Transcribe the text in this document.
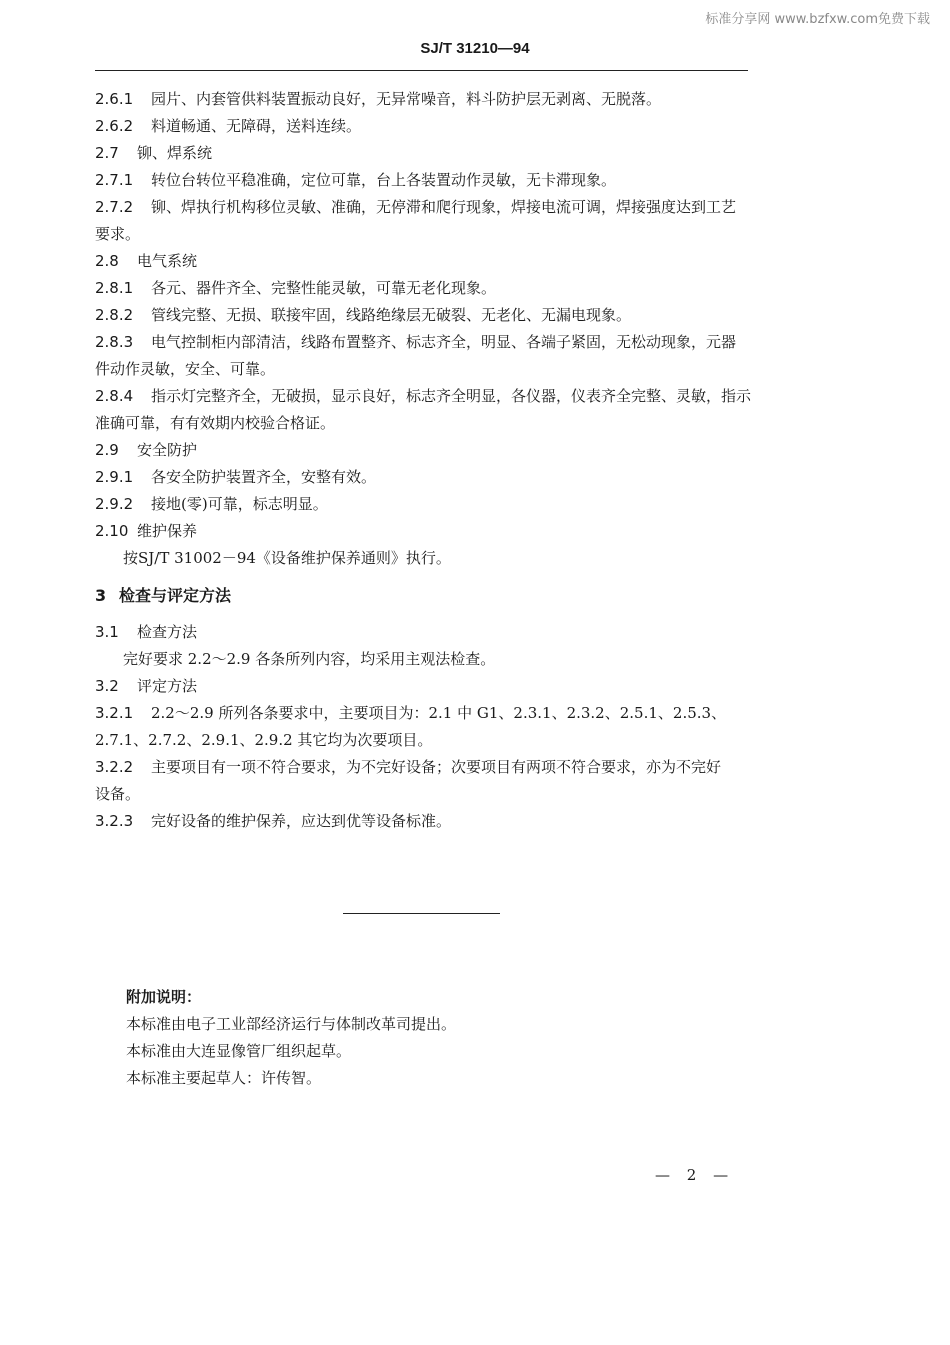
标准分享网 www.bzfxw.com免费下载
SJ/T 31210—94
2.6.1 园片、内套管供料装置振动良好，无异常噪音，料斗防护层无剥离、无脱落。
2.6.2 料道畅通、无障碍，送料连续。
2.7 铆、焊系统
2.7.1 转位台转位平稳准确，定位可靠，台上各装置动作灵敏，无卡滞现象。
2.7.2 铆、焊执行机构移位灵敏、准确，无停滞和爬行现象，焊接电流可调，焊接强度达到工艺
要求。
2.8 电气系统
2.8.1 各元、器件齐全、完整性能灵敏，可靠无老化现象。
2.8.2 管线完整、无损、联接牢固，线路绝缘层无破裂、无老化、无漏电现象。
2.8.3 电气控制柜内部清洁，线路布置整齐、标志齐全，明显、各端子紧固，无松动现象，元器
件动作灵敏，安全、可靠。
2.8.4 指示灯完整齐全，无破损，显示良好，标志齐全明显，各仪器，仪表齐全完整、灵敏，指示
准确可靠，有有效期内校验合格证。
2.9 安全防护
2.9.1 各安全防护装置齐全，安整有效。
2.9.2 接地(零)可靠，标志明显。
2.10 维护保养
按SJ/T 31002－94《设备维护保养通则》执行。
3 检查与评定方法
3.1 检查方法
完好要求 2.2～2.9 各条所列内容，均采用主观法检查。
3.2 评定方法
3.2.1 2.2～2.9 所列各条要求中，主要项目为：2.1 中 G1、2.3.1、2.3.2、2.5.1、2.5.3、
2.7.1、2.7.2、2.9.1、2.9.2 其它均为次要项目。
3.2.2 主要项目有一项不符合要求，为不完好设备；次要项目有两项不符合要求，亦为不完好
设备。
3.2.3 完好设备的维护保养，应达到优等设备标准。
附加说明：
本标准由电子工业部经济运行与体制改革司提出。
本标准由大连显像管厂组织起草。
本标准主要起草人：许传智。
— 2 —
